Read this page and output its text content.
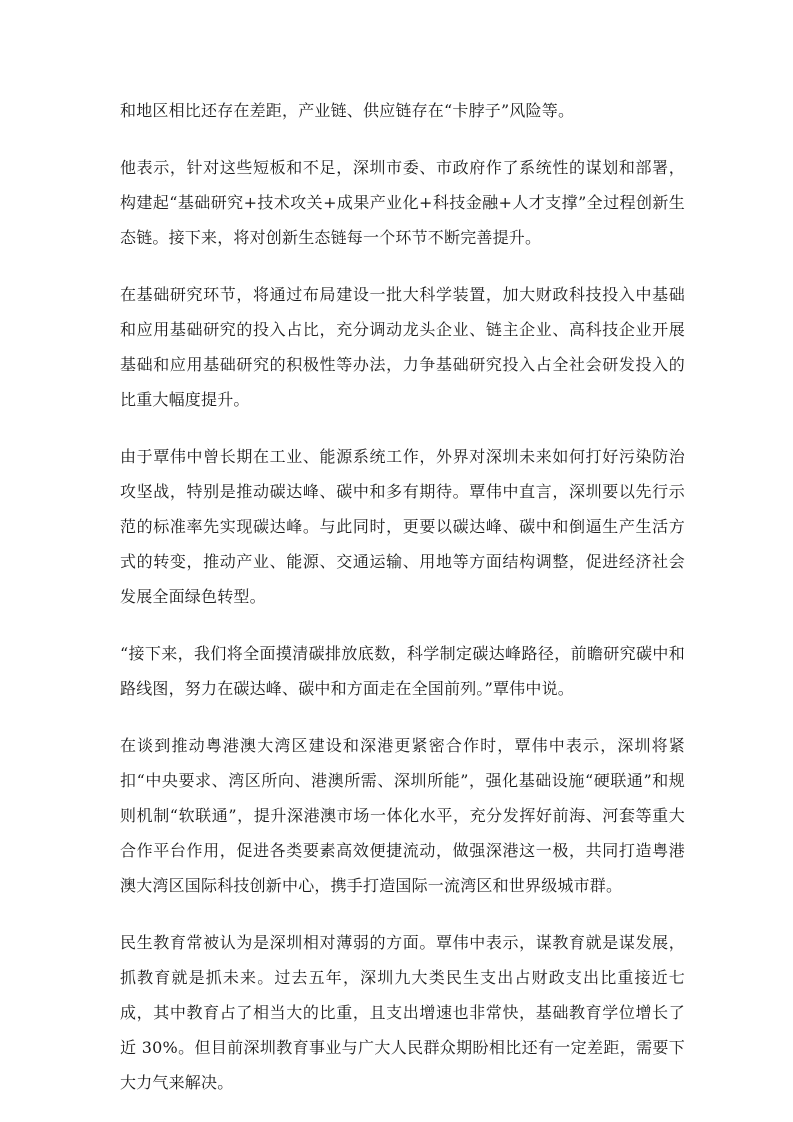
和地区相比还存在差距，产业链、供应链存在“卡脖子”风险等。

他表示，针对这些短板和不足，深圳市委、市政府作了系统性的谋划和部署，构建起“基础研究+技术攻关+成果产业化+科技金融+人才支撑”全过程创新生态链。接下来，将对创新生态链每一个环节不断完善提升。

在基础研究环节，将通过布局建设一批大科学装置，加大财政科技投入中基础和应用基础研究的投入占比，充分调动龙头企业、链主企业、高科技企业开展基础和应用基础研究的积极性等办法，力争基础研究投入占全社会研发投入的比重大幅度提升。

由于覃伟中曾长期在工业、能源系统工作，外界对深圳未来如何打好污染防治攻坚战，特别是推动碳达峰、碳中和多有期待。覃伟中直言，深圳要以先行示范的标准率先实现碳达峰。与此同时，更要以碳达峰、碳中和倒逼生产生活方式的转变，推动产业、能源、交通运输、用地等方面结构调整，促进经济社会发展全面绿色转型。

“接下来，我们将全面摸清碳排放底数，科学制定碳达峰路径，前瞻研究碳中和路线图，努力在碳达峰、碳中和方面走在全国前列。”覃伟中说。

在谈到推动粤港澳大湾区建设和深港更紧密合作时，覃伟中表示，深圳将紧扣“中央要求、湾区所向、港澳所需、深圳所能”，强化基础设施“硬联通”和规则机制“软联通”，提升深港澳市场一体化水平，充分发挥好前海、河套等重大合作平台作用，促进各类要素高效便捷流动，做强深港这一极，共同打造粤港澳大湾区国际科技创新中心，携手打造国际一流湾区和世界级城市群。

民生教育常被认为是深圳相对薄弱的方面。覃伟中表示，谋教育就是谋发展，抓教育就是抓未来。过去五年，深圳九大类民生支出占财政支出比重接近七成，其中教育占了相当大的比重，且支出增速也非常快，基础教育学位增长了近 30%。但目前深圳教育事业与广大人民群众期盼相比还有一定差距，需要下大力气来解决。
